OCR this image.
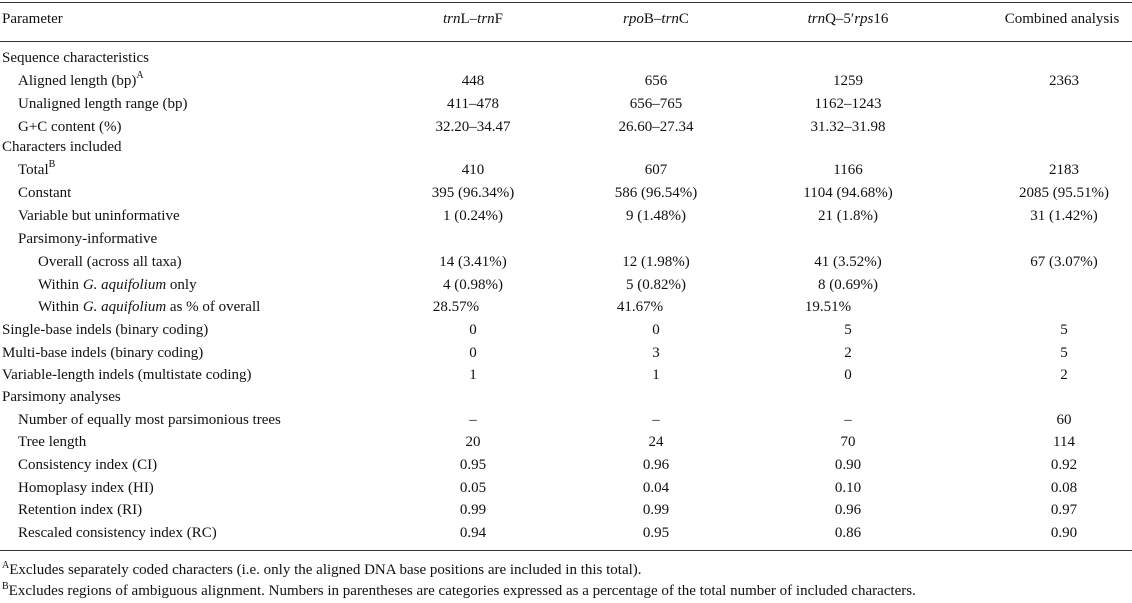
Parameter	trnL–trnF	rpoB–trnC	trnQ–5′rps16	Combined analysis
Sequence characteristics
Aligned length (bp)$^A$	448	656	1259	2363
Unaligned length range (bp)	411–478	656–765	1162–1243
G+C content (%)	32.20–34.47	26.60–27.34	31.32–31.98
Characters included
Total$^B$	410	607	1166	2183
Constant	395 (96.34%)	586 (96.54%)	1104 (94.68%)	2085 (95.51%)
Variable but uninformative	1 (0.24%)	9 (1.48%)	21 (1.8%)	31 (1.42%)
Parsimony-informative
Overall (across all taxa)	14 (3.41%)	12 (1.98%)	41 (3.52%)	67 (3.07%)
Within G. aquifolium only	4 (0.98%)	5 (0.82%)	8 (0.69%)
Within G. aquifolium as % of overall	28.57%	41.67%	19.51%
Single-base indels (binary coding)	0	0	5	5
Multi-base indels (binary coding)	0	3	2	5
Variable-length indels (multistate coding)	1	1	0	2
Parsimony analyses
Number of equally most parsimonious trees	–	–	–	60
Tree length	20	24	70	114
Consistency index (CI)	0.95	0.96	0.90	0.92
Homoplasy index (HI)	0.05	0.04	0.10	0.08
Retention index (RI)	0.99	0.99	0.96	0.97
Rescaled consistency index (RC)	0.94	0.95	0.86	0.90
$^A$Excludes separately coded characters (i.e. only the aligned DNA base positions are included in this total).
$^B$Excludes regions of ambiguous alignment. Numbers in parentheses are categories expressed as a percentage of the total number of included characters.
